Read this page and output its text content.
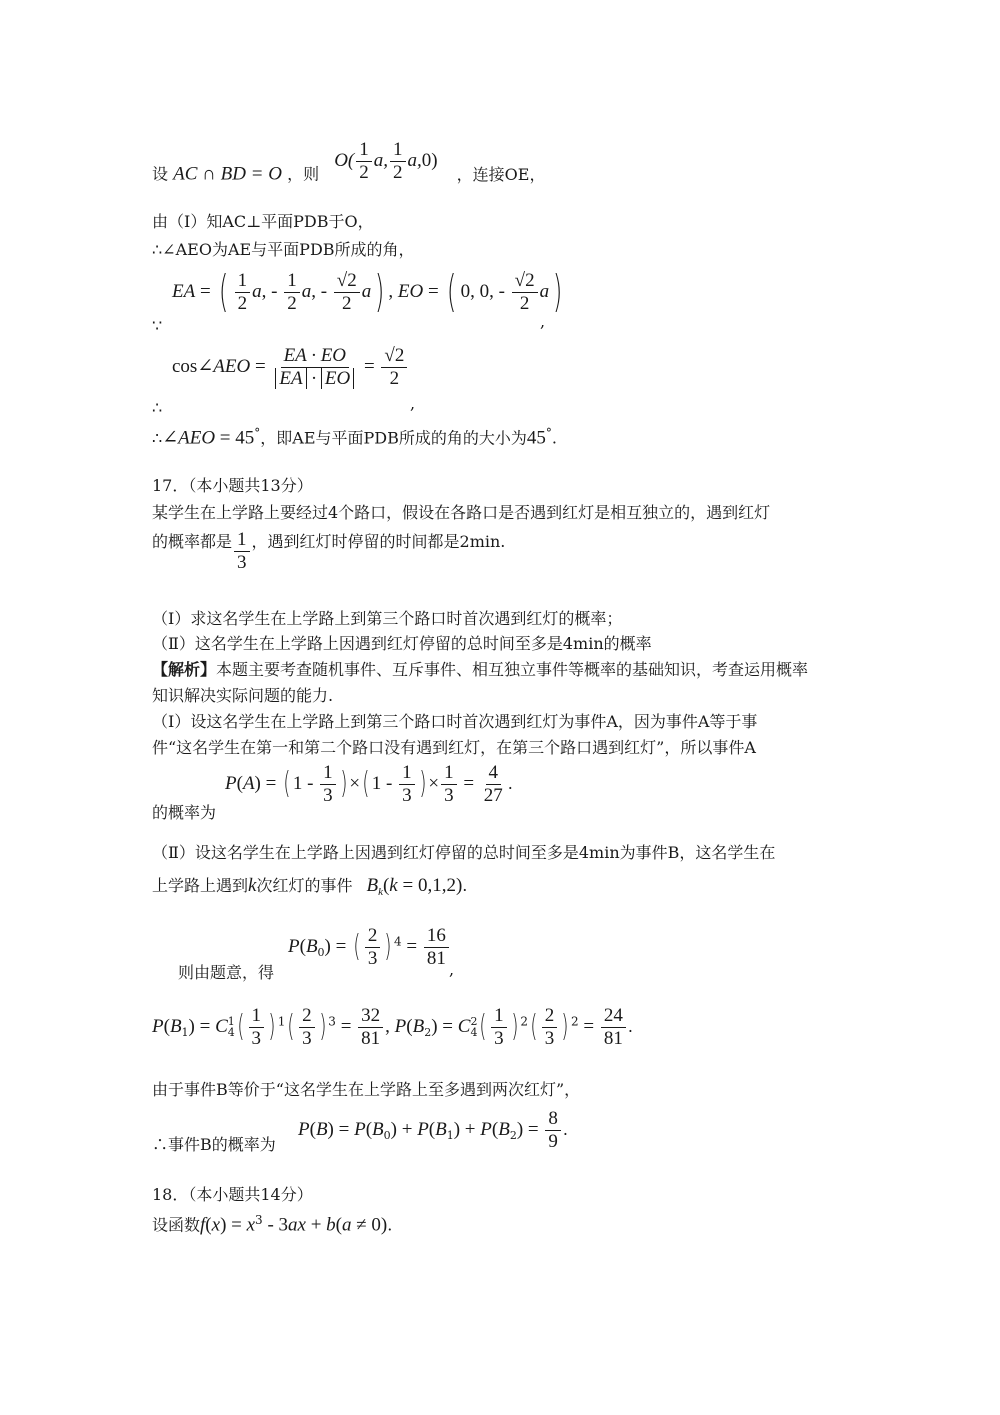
设 AC ∩ BD = O ，则 $O( \frac{1}{2} a$, $\frac{1}{2} a,0$) ，连接OE，
由（Ⅰ）知AC⊥平面PDB于O，
∴∠AEO为AE与平面PDB所成的角，
EA = ( $\frac{1}{2} a$, - $\frac{1}{2} a$, - $\frac{√2}{2} a$) , EO = ( 0, 0, - $\frac{√2}{2} a$)
∵	,
cos∠AEO = $\frac{EA \cdot EO}{EA \cdot EO} = \frac{√2}{2}$
∴	,
∴∠AEO = 45°，即AE与平面PDB所成的角的大小为45°.
17．（本小题共13分）
某学生在上学路上要经过4个路口，假设在各路口是否遇到红灯是相互独立的，遇到红灯
的概率都是 $\frac{1}{3}$ ，遇到红灯时停留的时间都是2min.
（Ⅰ）求这名学生在上学路上到第三个路口时首次遇到红灯的概率；
（Ⅱ）这名学生在上学路上因遇到红灯停留的总时间至多是4min的概率
【解析】本题主要考查随机事件、互斥事件、相互独立事件等概率的基础知识，考查运用概率
知识解决实际问题的能力.
（Ⅰ）设这名学生在上学路上到第三个路口时首次遇到红灯为事件A，因为事件A等于事
件“这名学生在第一和第二个路口没有遇到红灯，在第三个路口遇到红灯”，所以事件A
P(A) = ( $1 - \frac{1}{3}$ ) ×( $1 - \frac{1}{3}$ ) × $\frac{1}{3} = \frac{4}{27}$ .
的概率为
（Ⅱ）设这名学生在上学路上因遇到红灯停留的总时间至多是4min为事件B，这名学生在
上学路上遇到k次红灯的事件 $B_k(k = 0,1,2)$.
$P(B_0)$ = ( $\frac{2}{3}$ ) $^4 = \frac{16}{81}$
则由题意，得	,
$P(B_1) = C$ 1
4 ( $\frac{1}{3}$ ) $^1( \frac{2}{3}$ ) $^3 = \frac{32}{81}$ , $P(B_2) = C$ 2
4 ( $\frac{1}{3}$ ) $^2( \frac{2}{3}$ ) $^2 = \frac{24}{81}$ .
由于事件B等价于“这名学生在上学路上至多遇到两次红灯”，
$P(B) = P(B_0) + P(B_1) + P(B_2) = \frac{8}{9}$ .
∴事件B的概率为
18．（本小题共14分）
设函数$f(x) = x^3 - 3ax + b(a \ne 0)$.
